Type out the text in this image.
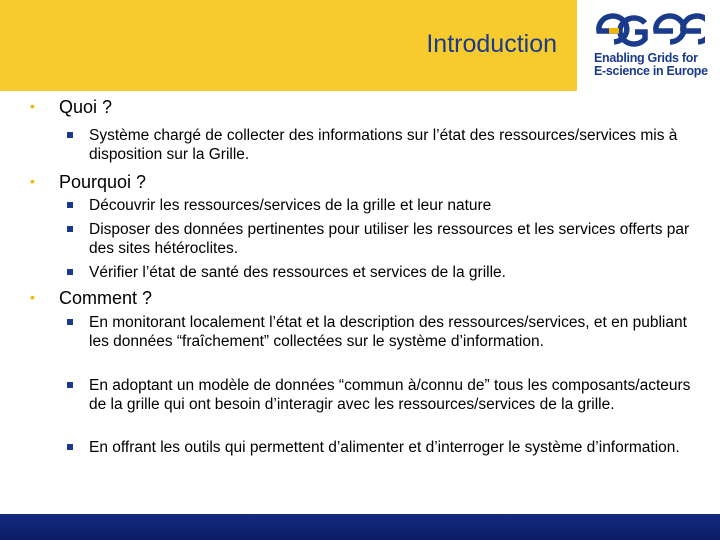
Introduction	Enabling Grids for
E-science in Europe
• Quoi ?
Système chargé de collecter des informations sur l’état des ressources/services mis à disposition sur la Grille.
• Pourquoi ?
Découvrir les ressources/services de la grille et leur nature
Disposer des données pertinentes pour utiliser les ressources et les services offerts par des sites hétéroclites.
Vérifier l’état de santé des ressources et services de la grille.
• Comment ?
En monitorant localement l’état et la description des ressources/services, et en publiant les données “fraîchement” collectées sur le système d’information.
En adoptant un modèle de données “commun à/connu de” tous les composants/acteurs de la grille qui ont besoin d’interagir avec les ressources/services de la grille.
En offrant les outils qui permettent d’alimenter et d’interroger le système d’information.
